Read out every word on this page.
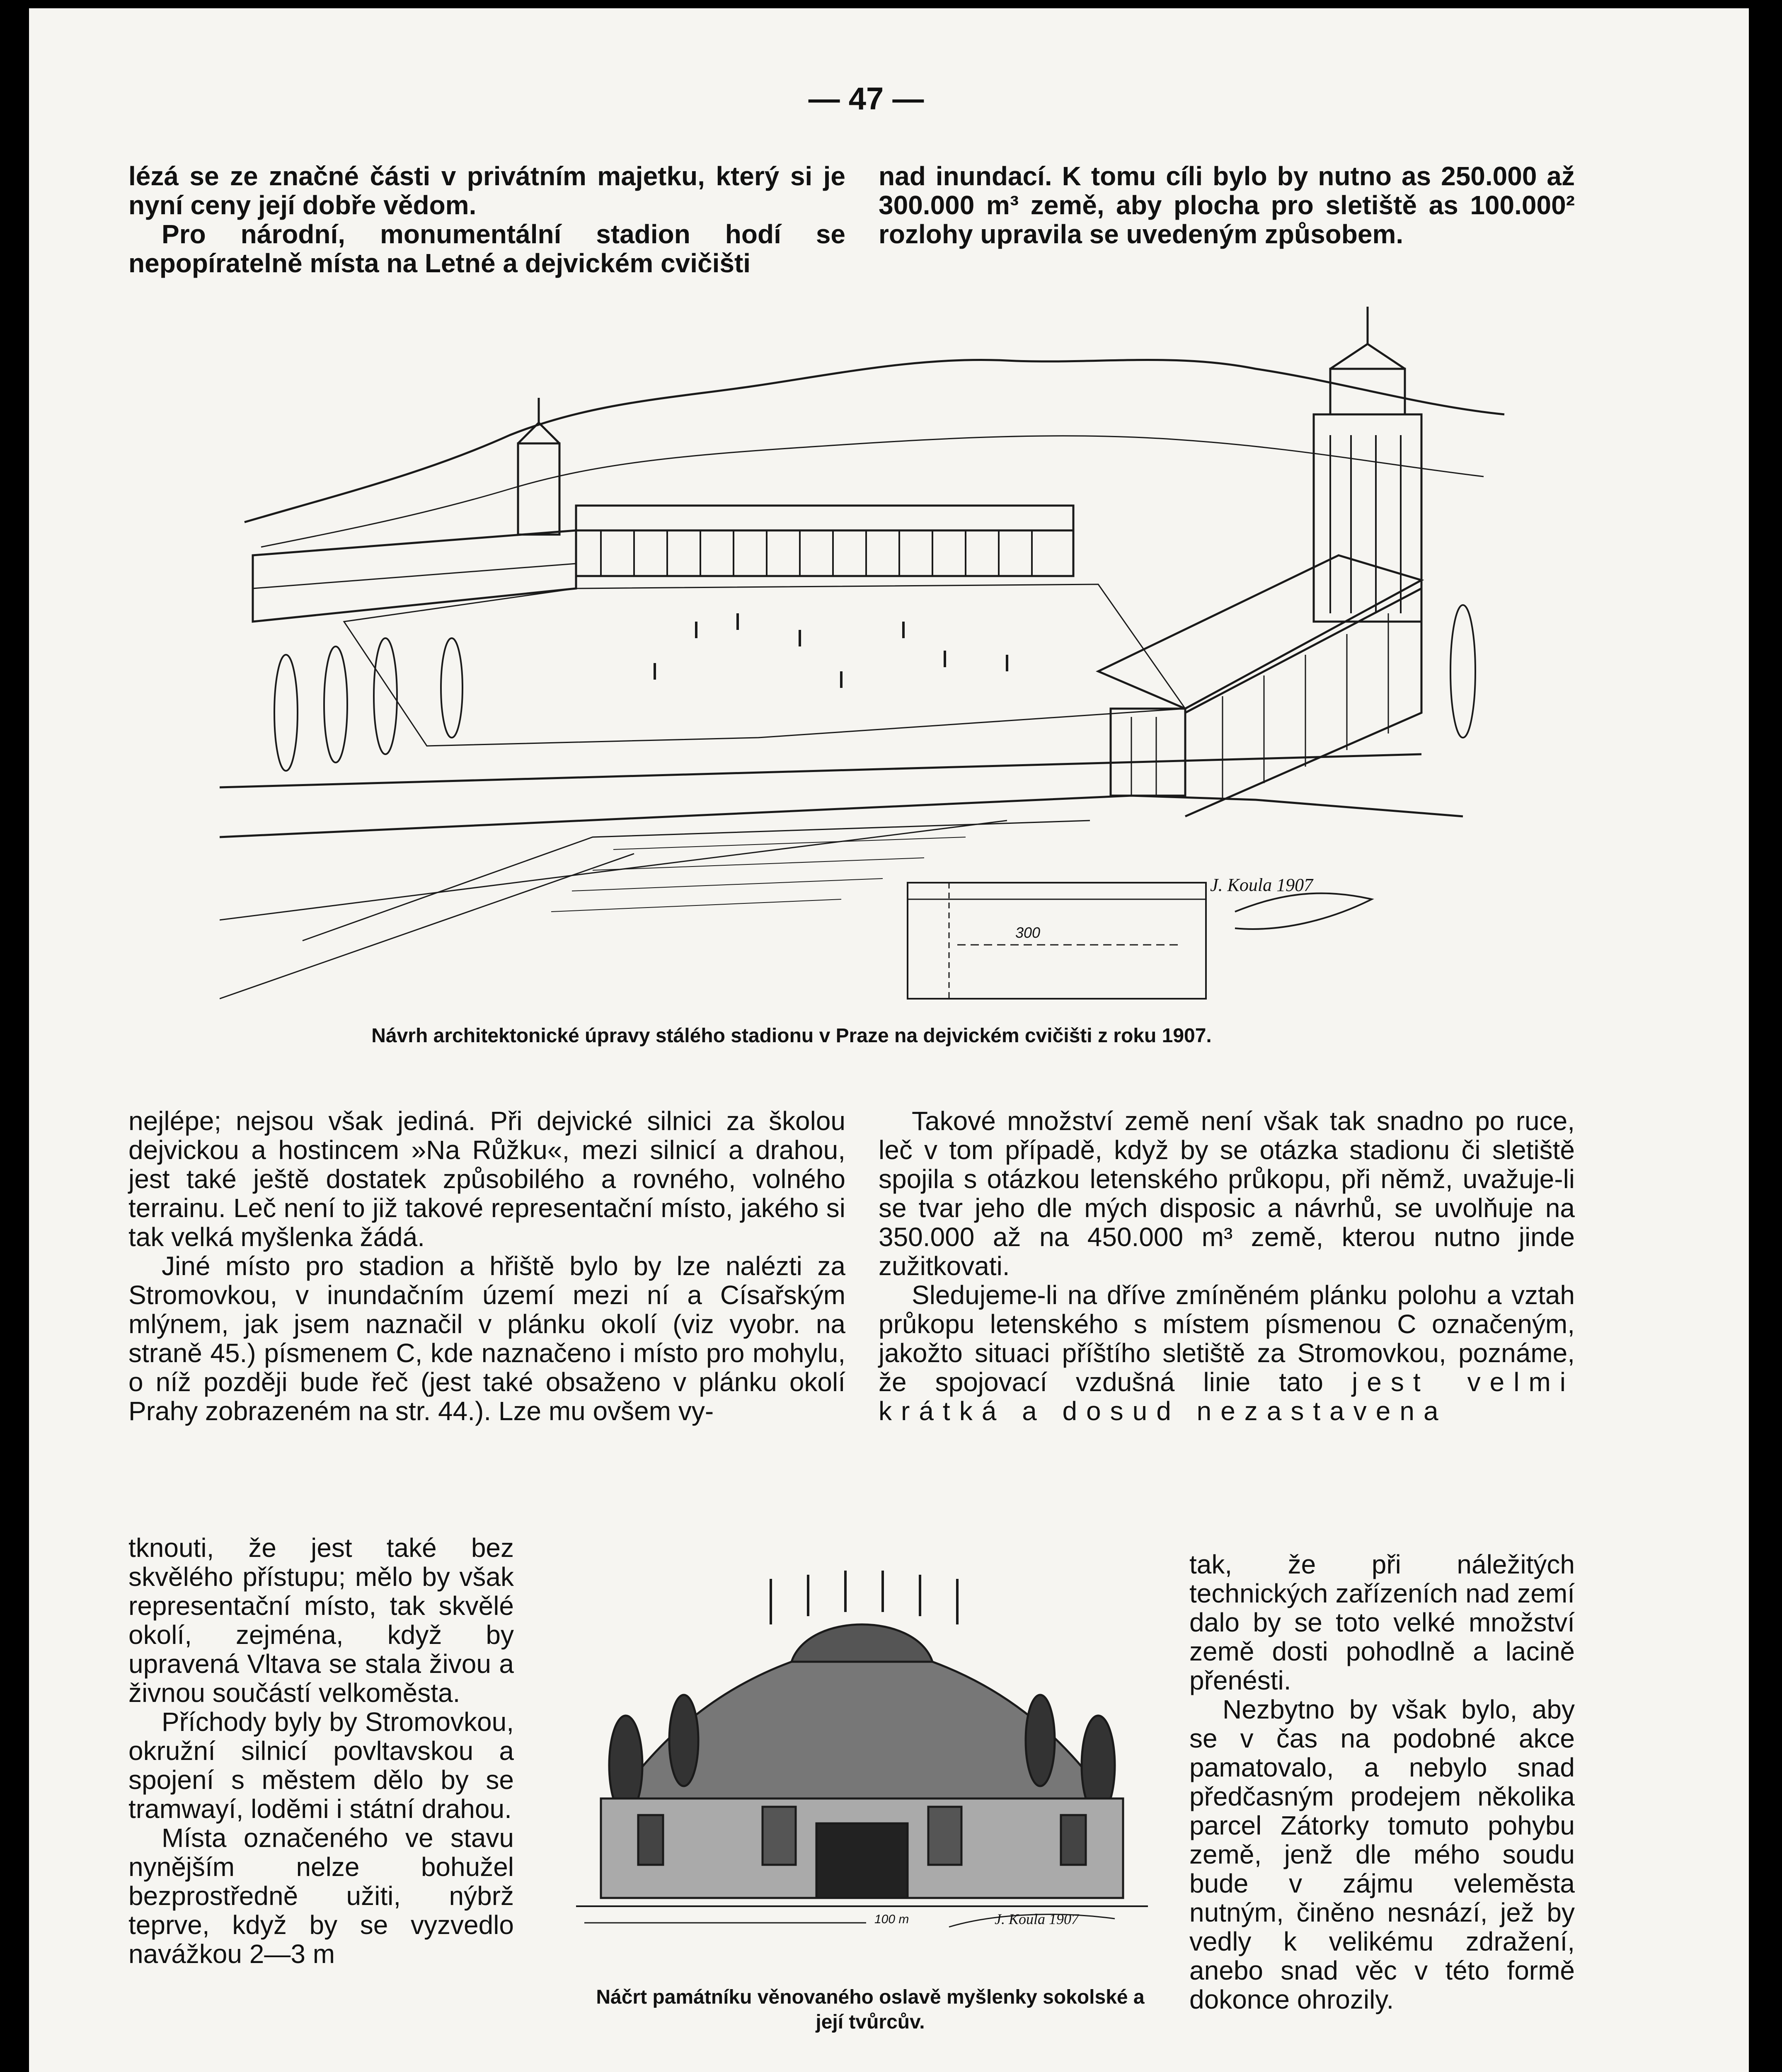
— 47 —

lézá se ze značné části v privátním majetku, který si je nyní ceny její dobře vědom.

Pro národní, monumentální stadion hodí se nepopíratelně místa na Letné a dejvickém cvičišti

nad inundací. K tomu cíli bylo by nutno as 250.000 až 300.000 m³ země, aby plocha pro sletiště as 100.000² rozlohy upravila se uvedeným způsobem.

300
J. Koula 1907
Návrh architektonické úpravy stálého stadionu v Praze na dejvickém cvičišti z roku 1907.

nejlépe; nejsou však jediná. Při dejvické silnici za školou dejvickou a hostincem »Na Růžku«, mezi silnicí a drahou, jest také ještě dostatek způsobilého a rovného, volného terrainu. Leč není to již takové representační místo, jakého si tak velká myšlenka žádá.

Jiné místo pro stadion a hřiště bylo by lze nalézti za Stromovkou, v inundačním území mezi ní a Císařským mlýnem, jak jsem naznačil v plánku okolí (viz vyobr. na straně 45.) písmenem C, kde naznačeno i místo pro mohylu, o níž později bude řeč (jest také obsaženo v plánku okolí Prahy zobrazeném na str. 44.). Lze mu ovšem vy-

tknouti, že jest také bez skvělého přístupu; mělo by však representační místo, tak skvělé okolí, zejména, když by upravená Vltava se stala živou a živnou součástí velkoměsta.

Příchody byly by Stromovkou, okružní silnicí povltavskou a spojení s městem dělo by se tramwayí, loděmi i státní drahou.

Místa označeného ve stavu nynějším nelze bohužel bezprostředně užiti, nýbrž teprve, když by se vyzvedlo navážkou 2—3 m

100 m	J. Koula 1907
Náčrt památníku věnovaného oslavě myšlenky sokolské a její tvůrcův.

Takové množství země není však tak snadno po ruce, leč v tom případě, když by se otázka stadionu či sletiště spojila s otázkou letenského průkopu, při němž, uvažuje-li se tvar jeho dle mých disposic a návrhů, se uvolňuje na 350.000 až na 450.000 m³ země, kterou nutno jinde zužitkovati.

Sledujeme-li na dříve zmíněném plánku polohu a vztah průkopu letenského s místem písmenou C označeným, jakožto situaci příštího sletiště za Stromovkou, poznáme, že spojovací vzdušná linie tato jest velmi krátká a dosud nezastavena

tak, že při náležitých technických zařízeních nad zemí dalo by se toto velké množství země dosti pohodlně a lacině přenésti.

Nezbytno by však bylo, aby se v čas na podobné akce pamatovalo, a nebylo snad předčasným prodejem několika parcel Zátorky tomuto pohybu země, jenž dle mého soudu bude v zájmu veleměsta nutným, činěno nesnází, jež by vedly k velikému zdražení, anebo snad věc v této formě dokonce ohrozily.
